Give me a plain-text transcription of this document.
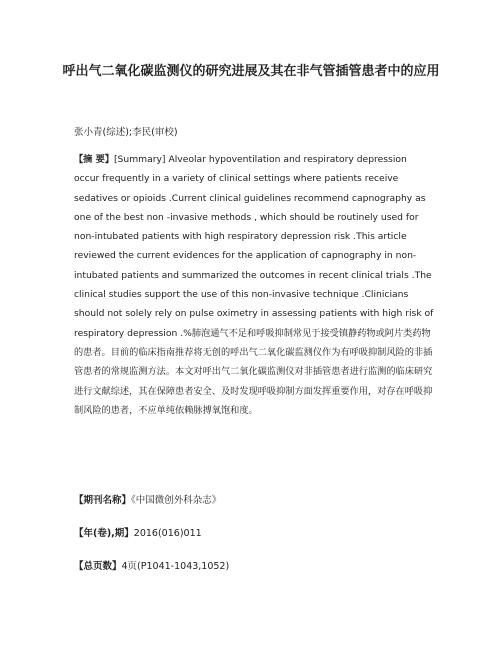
呼出气二氧化碳监测仪的研究进展及其在非气管插管患者中的应用

张小青(综述);李民(审校)

【摘 要】[Summary] Alveolar hypoventilation and respiratory depression occur frequently in a variety of clinical settings where patients receive sedatives or opioids .Current clinical guidelines recommend capnography as one of the best non -invasive methods , which should be routinely used for non-intubated patients with high respiratory depression risk .This article reviewed the current evidences for the application of capnography in non-intubated patients and summarized the outcomes in recent clinical trials .The clinical studies support the use of this non-invasive technique .Clinicians should not solely rely on pulse oximetry in assessing patients with high risk of respiratory depression .%肺泡通气不足和呼吸抑制常见于接受镇静药物或阿片类药物的患者。目前的临床指南推荐将无创的呼出气二氧化碳监测仪作为有呼吸抑制风险的非插管患者的常规监测方法。本文对呼出气二氧化碳监测仪对非插管患者进行监测的临床研究进行文献综述，其在保障患者安全、及时发现呼吸抑制方面发挥重要作用，对存在呼吸抑制风险的患者，不应单纯依赖脉搏氧饱和度。

【期刊名称】《中国微创外科杂志》

【年(卷),期】2016(016)011

【总页数】4页(P1041-1043,1052)
